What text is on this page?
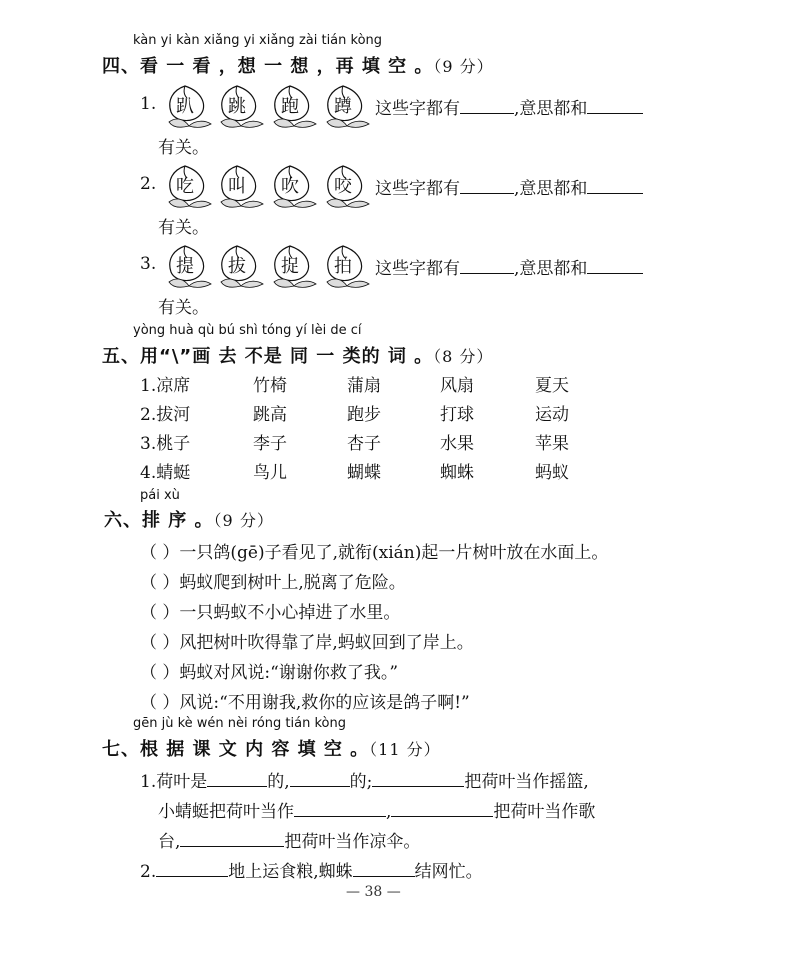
kàn yi kàn xiǎng yi xiǎng zài tián kòng
四、看 一 看 ，想 一 想 ，再 填 空 。（9 分）
1.	趴	跳	跑	蹲	这些字都有	,意思都和
有关。
2.	吃	叫	吹	咬	这些字都有	,意思都和
有关。
3.	提	拔	捉	拍	这些字都有	,意思都和
有关。
yòng huà qù bú shì tóng yí lèi de cí
五、用“\”画 去 不是 同 一 类的 词 。（8 分）
1.凉席	竹椅	蒲扇	风扇	夏天
2.拔河	跳高	跑步	打球	运动
3.桃子	李子	杏子	水果	苹果
4.蜻蜓	鸟儿	蝴蝶	蜘蛛	蚂蚁
pái xù
六、排 序 。（9 分）
（ ）一只鸽(gē)子看见了,就衔(xián)起一片树叶放在水面上。
（ ）蚂蚁爬到树叶上,脱离了危险。
（ ）一只蚂蚁不小心掉进了水里。
（ ）风把树叶吹得靠了岸,蚂蚁回到了岸上。
（ ）蚂蚁对风说:“谢谢你救了我。”
（ ）风说:“不用谢我,救你的应该是鸽子啊!”
gēn jù kè wén nèi róng tián kòng
七、根 据 课 文 内 容 填 空 。（11 分）
1.荷叶是	的,	的;	把荷叶当作摇篮,
小蜻蜓把荷叶当作	,	把荷叶当作歌
台,	把荷叶当作凉伞。
2.	地上运食粮,蜘蛛	结网忙。
— 38 —
